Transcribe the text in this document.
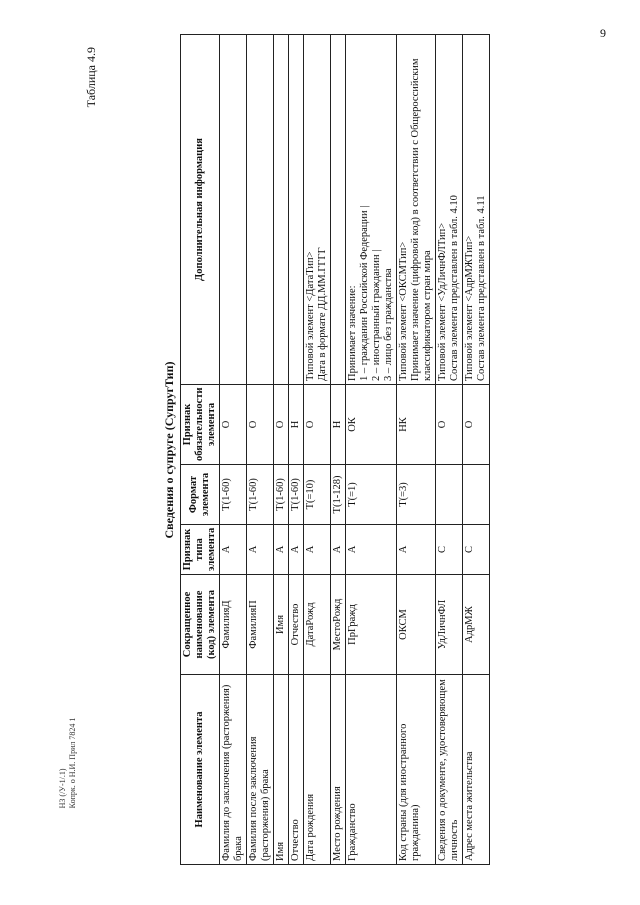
9
НЗ (/У-1/.1) Копрк. о Н.И. Прил 7824 1
Таблица 4.9
Сведения о супруге (СупругТип)
Наименование элемента	Сокращенное наименование (код) элемента	Признак типа элемента	Формат элемента	Признак обязательности элемента	Дополнительная информация
Фамилия до заключения (расторжения) брака	ФамилияД	А	T(1-60)	О	
Фамилия после заключения (расторжения) брака	ФамилияП	А	T(1-60)	О	
Имя	Имя	А	T(1-60)	О	
Отчество	Отчество	А	T(1-60)	Н	
Дата рождения	ДатаРожд	А	T(=10)	О	Типовой элемент <ДатаТип> Дата в формате ДД.ММ.ГГГГ

Место рождения	МестоРожд	А	T(1-128)	Н	
Гражданство	ПрГражд	А	T(=1)	ОК	Принимает значение: 1 – гражданин Российской Федерации | 2 – иностранный гражданин | 3 – лицо без гражданства

Код страны (для иностранного гражданина)	ОКСМ	А	T(=3)	НК	Типовой элемент <ОКСМТип> Принимает значение (цифровой код) в соответствии с Общероссийским классификатором стран мира

Сведения о документе, удостоверяющем личность	УдЛичнФЛ	С		О	Типовой элемент <УдЛичнФЛТип> Состав элемента представлен в табл. 4.10

Адрес места жительства	АдрМЖ	С		О	Типовой элемент <АдрМЖТип> Состав элемента представлен в табл. 4.11
